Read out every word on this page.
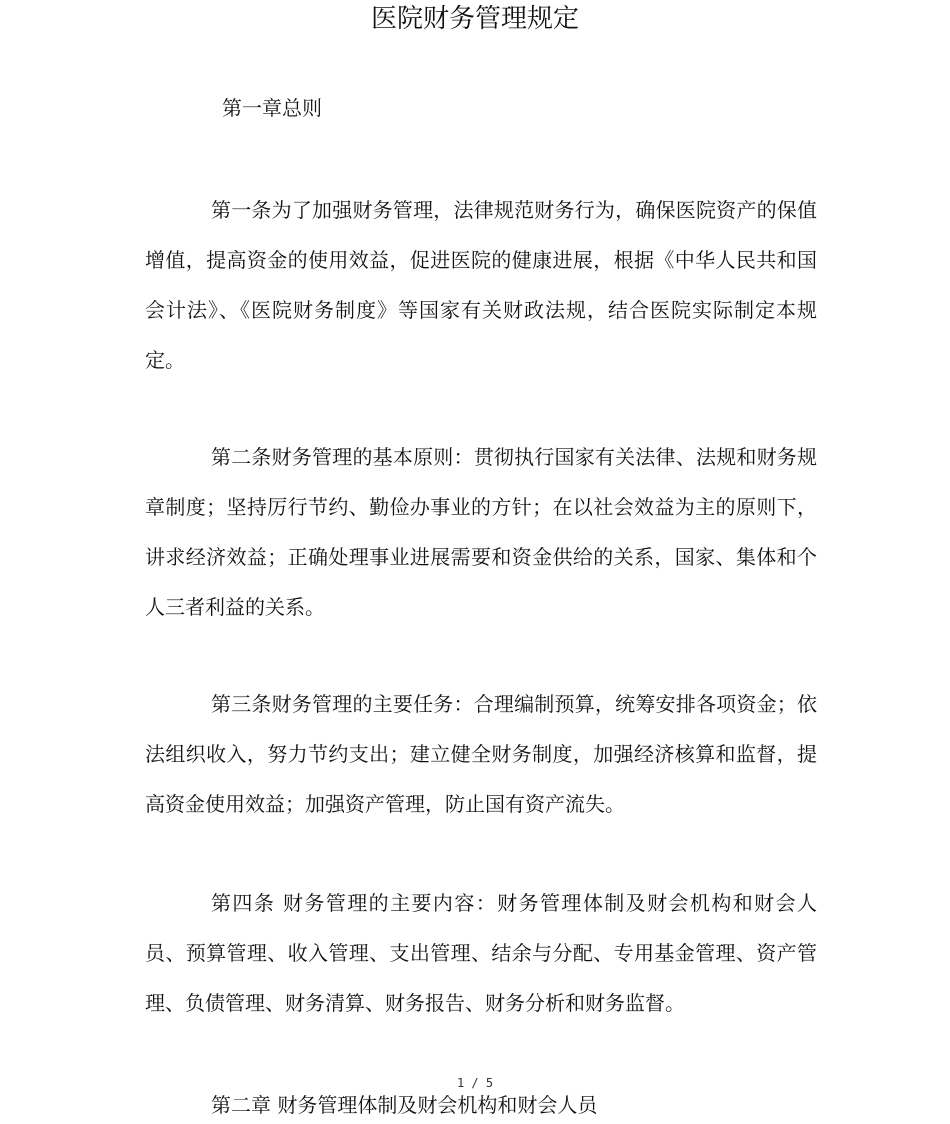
医院财务管理规定
第一章总则

第一条为了加强财务管理，法律规范财务行为，确保医院资产的保值增值，提高资金的使用效益，促进医院的健康进展，根据《中华人民共和国会计法》、《医院财务制度》等国家有关财政法规，结合医院实际制定本规定。

第二条财务管理的基本原则：贯彻执行国家有关法律、法规和财务规章制度；坚持厉行节约、勤俭办事业的方针；在以社会效益为主的原则下，讲求经济效益；正确处理事业进展需要和资金供给的关系，国家、集体和个人三者利益的关系。

第三条财务管理的主要任务：合理编制预算，统筹安排各项资金；依法组织收入，努力节约支出；建立健全财务制度，加强经济核算和监督，提高资金使用效益；加强资产管理，防止国有资产流失。

第四条 财务管理的主要内容：财务管理体制及财会机构和财会人员、预算管理、收入管理、支出管理、结余与分配、专用基金管理、资产管理、负债管理、财务清算、财务报告、财务分析和财务监督。

1 / 5
第二章 财务管理体制及财会机构和财会人员
